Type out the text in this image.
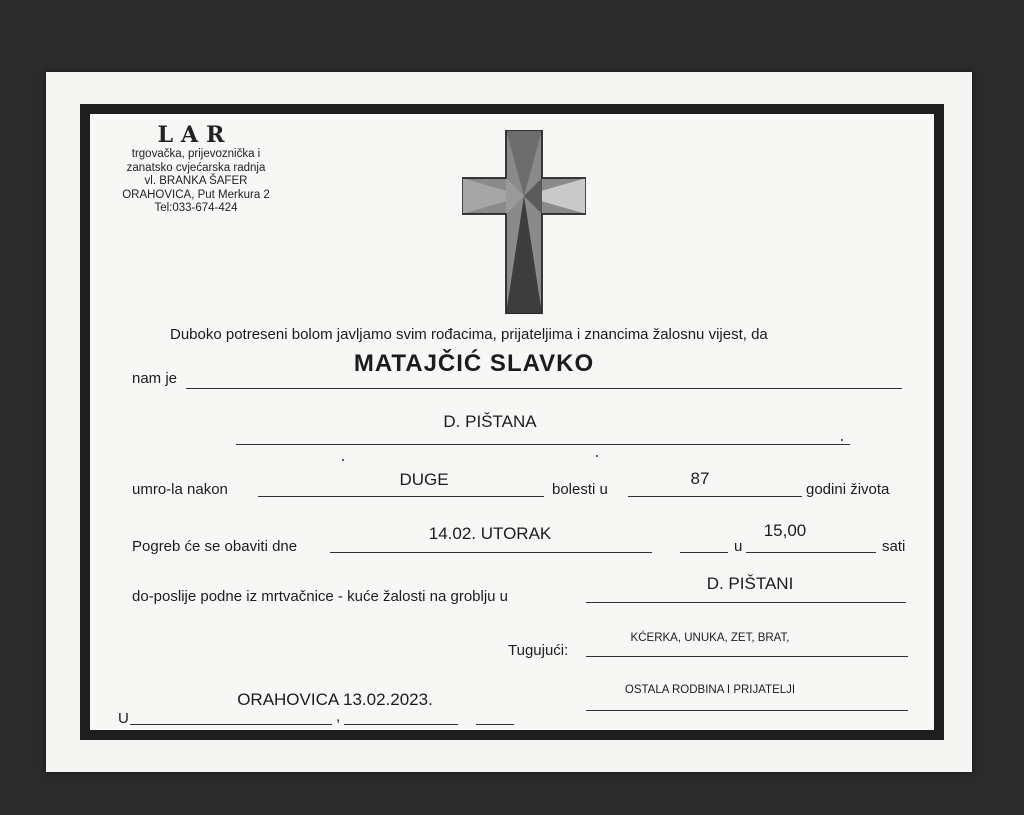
LAR
trgovačka, prijevoznička i
zanatsko cvjećarska radnja
vl. BRANKA ŠAFER
ORAHOVICA, Put Merkura 2
Tel:033-674-424
Duboko potreseni bolom javljamo svim rođacima, prijateljima i znancima žalosnu vijest, da
nam je
MATAJČIĆ SLAVKO
D. PIŠTANA
umro-la nakon
DUGE
bolesti u
87
godini života
Pogreb će se obaviti dne
14.02. UTORAK
u
15,00
sati
do-poslije podne iz mrtvačnice - kuće žalosti na groblju u
D. PIŠTANI
Tugujući:
KĆERKA, UNUKA, ZET, BRAT,
U	,
ORAHOVICA 13.02.2023.	OSTALA RODBINA I PRIJATELJI
